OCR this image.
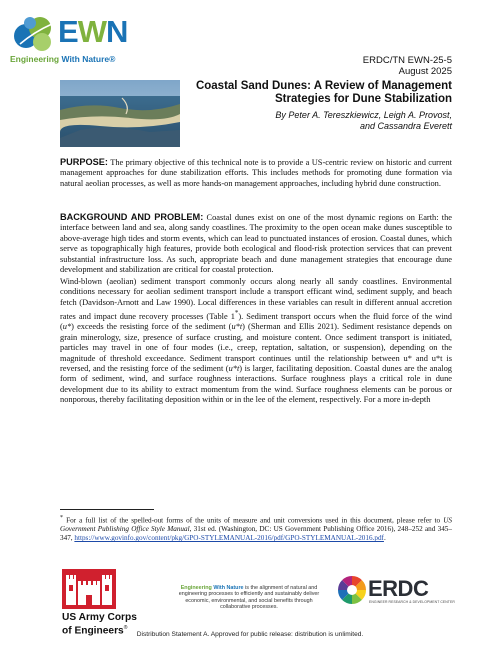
EWN
Engineering With Nature®	ERDC/TN EWN-25-5
August 2025
Coastal Sand Dunes: A Review of Management Strategies for Dune Stabilization
By Peter A. Tereszkiewicz, Leigh A. Provost,
and Cassandra Everett
PURPOSE: The primary objective of this technical note is to provide a US-centric review on historic and current management approaches for dune stabilization efforts. This includes methods for promoting dune formation via natural aeolian processes, as well as more hands-on management approaches, including hybrid dune construction.
BACKGROUND AND PROBLEM: Coastal dunes exist on one of the most dynamic regions on Earth: the interface between land and sea, along sandy coastlines. The proximity to the open ocean make dunes susceptible to above-average high tides and storm events, which can lead to punctuated instances of erosion. Coastal dunes, which serve as topographically high features, provide both ecological and flood-risk protection services that can prevent substantial infrastructure loss. As such, appropriate beach and dune management strategies that encourage dune development and stabilization are critical for coastal protection.
Wind-blown (aeolian) sediment transport commonly occurs along nearly all sandy coastlines. Environmental conditions necessary for aeolian sediment transport include a transport efficant wind, sediment supply, and beach fetch (Davidson-Arnott and Law 1990). Local differences in these variables can result in different annual accretion rates and impact dune recovery processes (Table 1*). Sediment transport occurs when the fluid force of the wind (u*) exceeds the resisting force of the sediment (u*t) (Sherman and Ellis 2021). Sediment resistance depends on grain minerology, size, presence of surface crusting, and moisture content. Once sediment transport is initiated, particles may travel in one of four modes (i.e., creep, reptation, saltation, or suspension), depending on the magnitude of threshold exceedance. Sediment transport continues until the relationship between u* and u*t is reversed, and the resisting force of the sediment (u*t) is larger, facilitating deposition. Coastal dunes are the analog form of sediment, wind, and surface roughness interactions. Surface roughness plays a critical role in dune development due to its ability to extract momentum from the wind. Surface roughness elements can be porous or nonporous, thereby facilitating deposition within or in the lee of the element, respectively. For a more in-depth
* For a full list of the spelled-out forms of the units of measure and unit conversions used in this document, please refer to US Government Publishing Office Style Manual, 31st ed. (Washington, DC: US Government Publishing Office 2016), 248–252 and 345–347, https://www.govinfo.gov/content/pkg/GPO-STYLEMANUAL-2016/pdf/GPO-STYLEMANUAL-2016.pdf.
US Army Corps
of Engineers®
Engineering With Nature is the alignment of natural and engineering processes to efficiently and sustainably deliver economic, environmental, and social benefits through collaborative processes.
ERDC
ENGINEER RESEARCH & DEVELOPMENT CENTER
Distribution Statement A. Approved for public release: distribution is unlimited.
